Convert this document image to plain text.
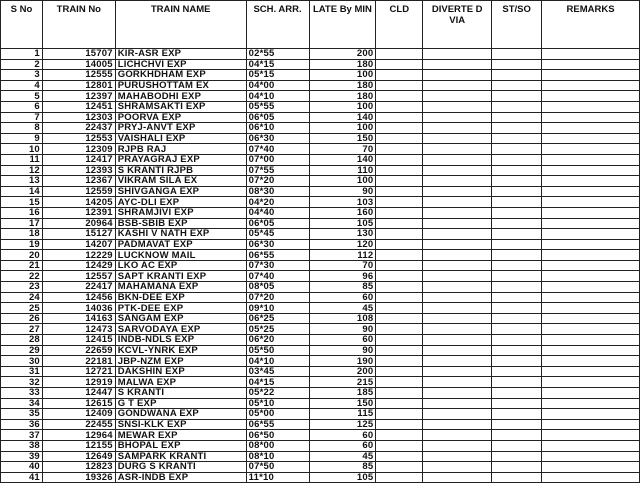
S No	TRAIN No	TRAIN NAME	SCH. ARR.	LATE By MIN	CLD	DIVERTE D VIA	ST/SO	REMARKS
1	15707	KIR-ASR EXP	02*55	200				
2	14005	LICHCHVI EXP	04*15	180				
3	12555	GORKHDHAM EXP	05*15	100				
4	12801	PURUSHOTTAM EX	04*00	180				
5	12397	MAHABODHI EXP	04*10	180				
6	12451	SHRAMSAKTI EXP	05*55	100				
7	12303	POORVA EXP	06*05	140				
8	22437	PRYJ-ANVT EXP	06*10	100				
9	12553	VAISHALI EXP	06*30	150				
10	12309	RJPB RAJ	07*40	70				
11	12417	PRAYAGRAJ EXP	07*00	140				
12	12393	S KRANTI RJPB	07*55	110				
13	12367	VIKRAM SILA EX	07*20	100				
14	12559	SHIVGANGA EXP	08*30	90				
15	14205	AYC-DLI EXP	04*20	103				
16	12391	SHRAMJIVI EXP	04*40	160				
17	20964	BSB-SBIB EXP	06*05	105				
18	15127	KASHI V NATH EXP	05*45	130				
19	14207	PADMAVAT EXP	06*30	120				
20	12229	LUCKNOW MAIL	06*55	112				
21	12429	LKO AC EXP	07*30	70				
22	12557	SAPT KRANTI EXP	07*40	96				
23	22417	MAHAMANA EXP	08*05	85				
24	12456	BKN-DEE EXP	07*20	60				
25	14036	PTK-DEE EXP	09*10	45				
26	14163	SANGAM EXP	06*25	108				
27	12473	SARVODAYA EXP	05*25	90				
28	12415	INDB-NDLS EXP	06*20	60				
29	22659	KCVL-YNRK EXP	05*50	90				
30	22181	JBP-NZM EXP	04*10	190				
31	12721	DAKSHIN EXP	03*45	200				
32	12919	MALWA EXP	04*15	215				
33	12447	S KRANTI	05*22	185				
34	12615	G T EXP	05*10	150				
35	12409	GONDWANA EXP	05*00	115				
36	22455	SNSI-KLK EXP	06*55	125				
37	12964	MEWAR EXP	06*50	60				
38	12155	BHOPAL EXP	08*00	60				
39	12649	SAMPARK KRANTI	08*10	45				
40	12823	DURG S KRANTI	07*50	85				
41	19326	ASR-INDB EXP	11*10	105				
